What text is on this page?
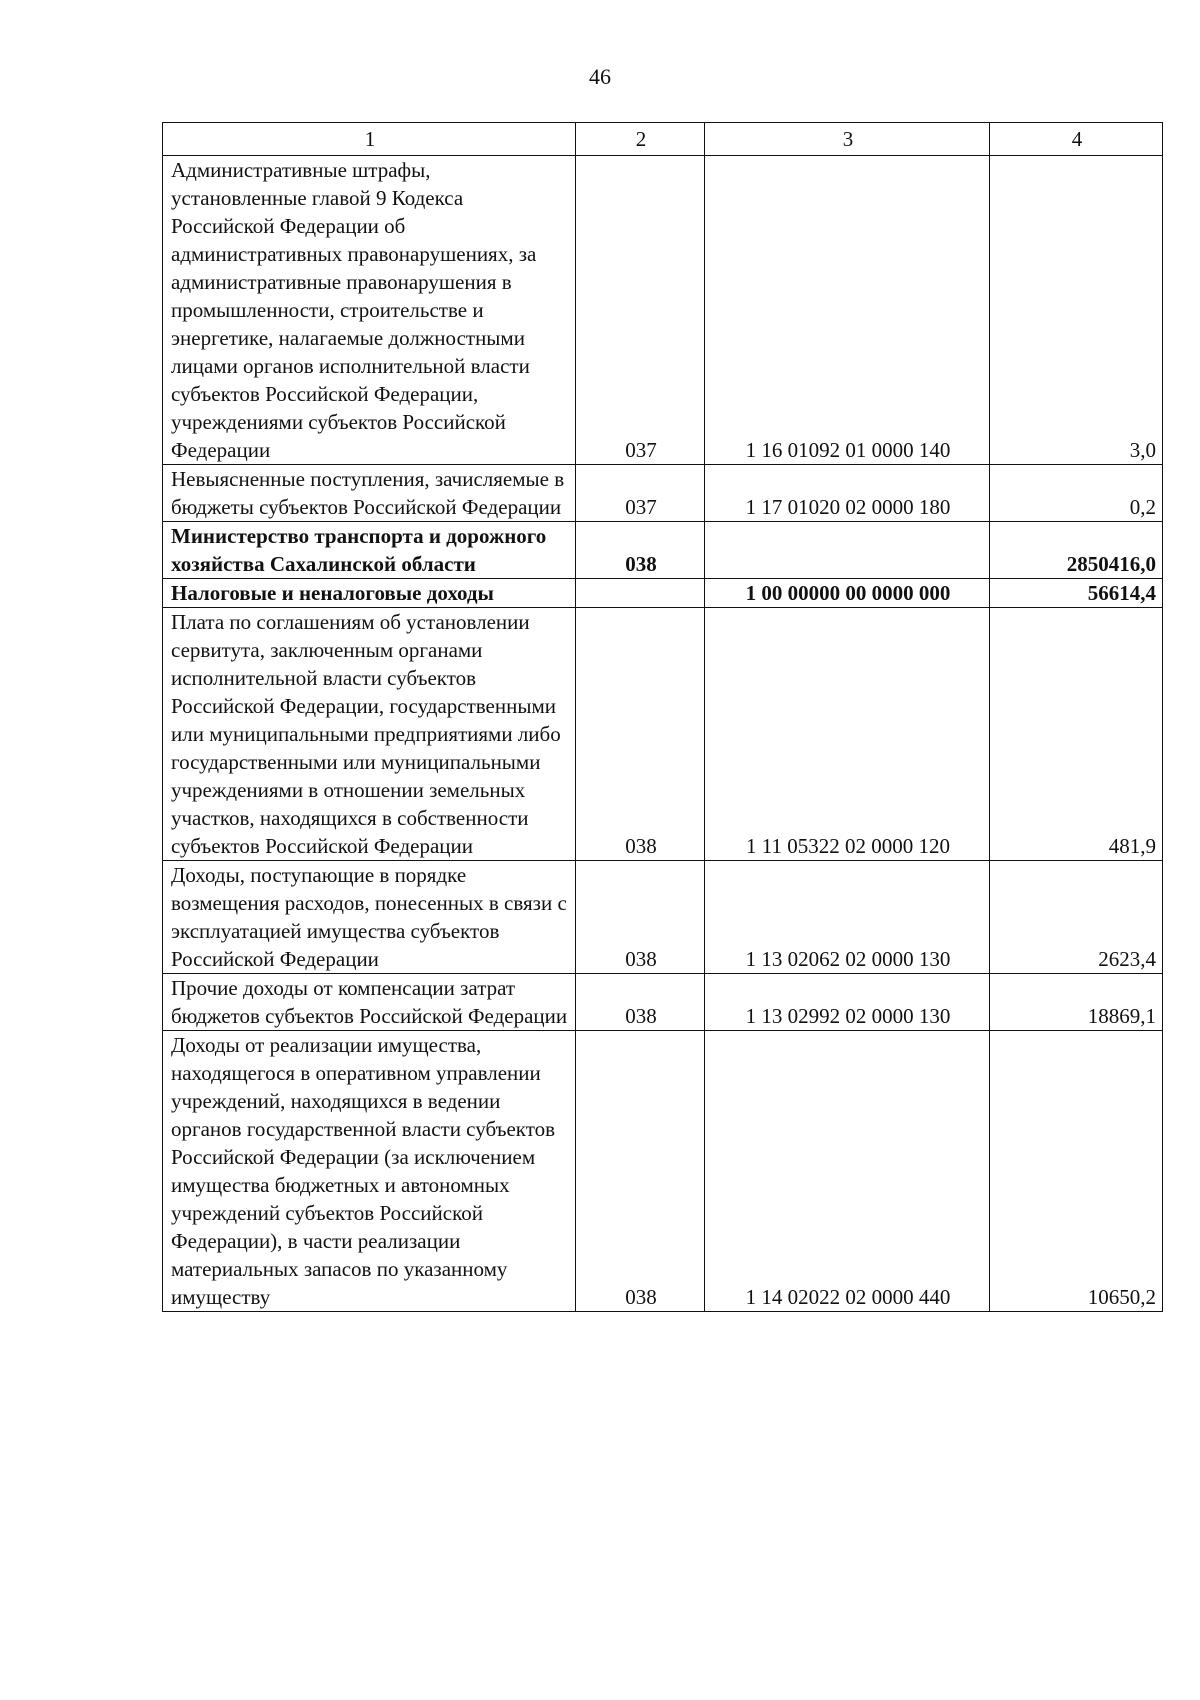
46
1	2	3	4
Административные штрафы, установленные главой 9 Кодекса Российской Федерации об административных правонарушениях, за административные правонарушения в промышленности, строительстве и энергетике, налагаемые должностными лицами органов исполнительной власти субъектов Российской Федерации, учреждениями субъектов Российской Федерации	037	1 16 01092 01 0000 140	3,0
Невыясненные поступления, зачисляемые в бюджеты субъектов Российской Федерации	037	1 17 01020 02 0000 180	0,2
Министерство транспорта и дорожного хозяйства Сахалинской области	038		2850416,0
Налоговые и неналоговые доходы		1 00 00000 00 0000 000	56614,4
Плата по соглашениям об установлении сервитута, заключенным органами исполнительной власти субъектов Российской Федерации, государственными или муниципальными предприятиями либо государственными или муниципальными учреждениями в отношении земельных участков, находящихся в собственности субъектов Российской Федерации	038	1 11 05322 02 0000 120	481,9
Доходы, поступающие в порядке возмещения расходов, понесенных в связи с эксплуатацией имущества субъектов Российской Федерации	038	1 13 02062 02 0000 130	2623,4
Прочие доходы от компенсации затрат бюджетов субъектов Российской Федерации	038	1 13 02992 02 0000 130	18869,1
Доходы от реализации имущества, находящегося в оперативном управлении учреждений, находящихся в ведении органов государственной власти субъектов Российской Федерации (за исключением имущества бюджетных и автономных учреждений субъектов Российской Федерации), в части реализации материальных запасов по указанному имуществу	038	1 14 02022 02 0000 440	10650,2
